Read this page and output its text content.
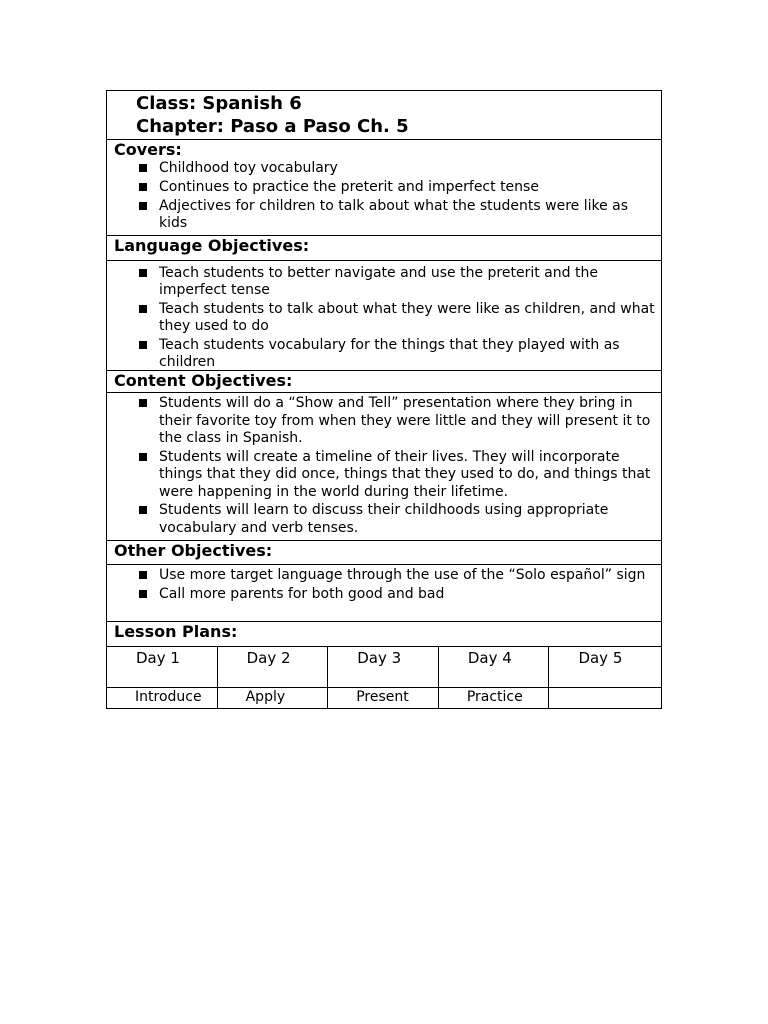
Class: Spanish 6
Chapter: Paso a Paso Ch. 5
Covers:
Childhood toy vocabulary
Continues to practice the preterit and imperfect tense
Adjectives for children to talk about what the students were like as kids
Language Objectives:
Teach students to better navigate and use the preterit and the imperfect tense
Teach students to talk about what they were like as children, and what they used to do
Teach students vocabulary for the things that they played with as children
Content Objectives:
Students will do a “Show and Tell” presentation where they bring in their favorite toy from when they were little and they will present it to the class in Spanish.
Students will create a timeline of their lives. They will incorporate things that they did once, things that they used to do, and things that were happening in the world during their lifetime.
Students will learn to discuss their childhoods using appropriate vocabulary and verb tenses.
Other Objectives:
Use more target language through the use of the “Solo español” sign
Call more parents for both good and bad
Lesson Plans:
Day 1	Day 2	Day 3	Day 4	Day 5
Introduce	Apply	Present	Practice
